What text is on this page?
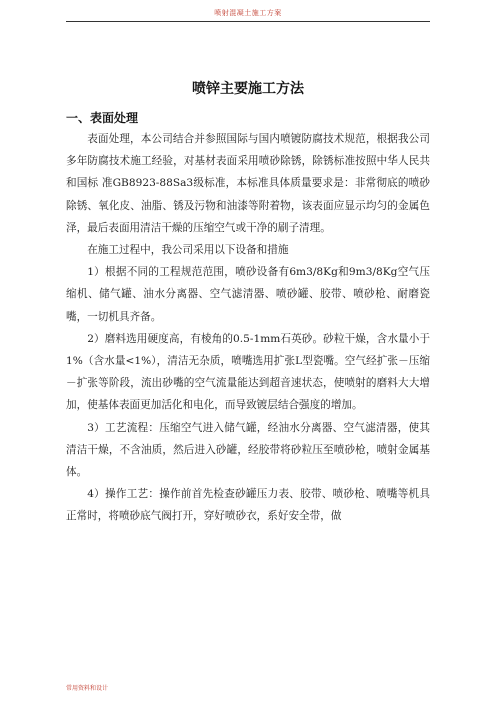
喷射混凝土施工方案
喷锌主要施工方法
一、表面处理

表面处理，本公司结合并参照国际与国内喷镀防腐技术规范，根据我公司多年防腐技术施工经验，对基材表面采用喷砂除锈，除锈标准按照中华人民共和国标 准GB8923-88Sa3级标准，本标准具体质量要求是：非常彻底的喷砂除锈、氧化皮、油脂、锈及污物和油漆等附着物，该表面应显示均匀的金属色泽，最后表面用清洁干燥的压缩空气或干净的刷子清理。

在施工过程中，我公司采用以下设备和措施

1）根据不同的工程规范范围，喷砂设备有6m3/8Kg和9m3/8Kg空气压缩机、储气罐、油水分离器、空气滤清器、喷砂罐、胶带、喷砂枪、耐磨瓷嘴，一切机具齐备。

2）磨料选用硬度高，有棱角的0.5-1mm石英砂。砂粒干燥，含水量小于1%（含水量<1%），清洁无杂质，喷嘴选用扩张L型瓷嘴。空气经扩张－压缩－扩张等阶段，流出砂嘴的空气流量能达到超音速状态，使喷射的磨料大大增加，使基体表面更加活化和电化，而导致镀层结合强度的增加。

3）工艺流程：压缩空气进入储气罐，经油水分离器、空气滤清器，使其清洁干燥，不含油质，然后进入砂罐，经胶带将砂粒压至喷砂枪，喷射金属基体。

4）操作工艺：操作前首先检查砂罐压力表、胶带、喷砂枪、喷嘴等机具正常时，将喷砂底气阀打开，穿好喷砂衣，系好安全带，做

常用资料和设计
